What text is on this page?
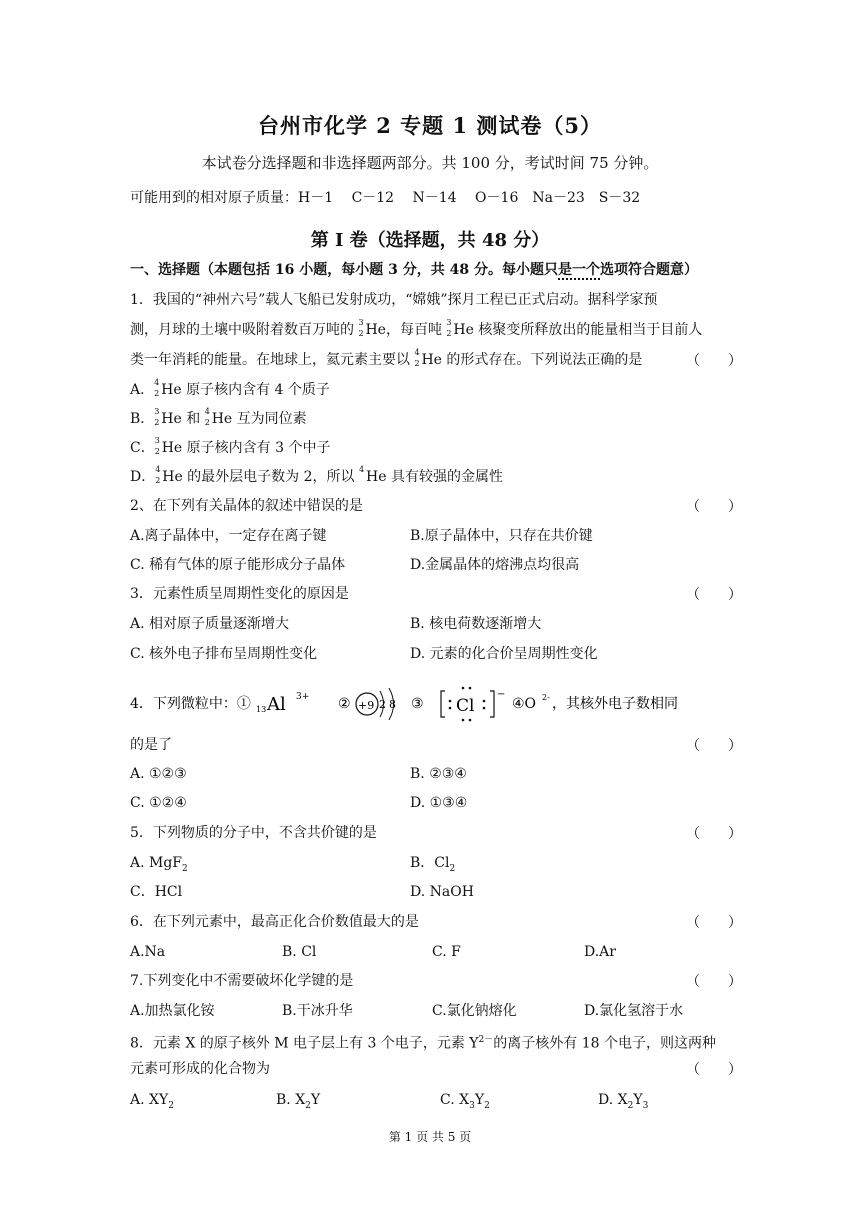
台州市化学 2 专题 1 测试卷（5）
本试卷分选择题和非选择题两部分。共 100 分，考试时间 75 分钟。
可能用到的相对原子质量：H－1　 C－12　 N－14　 O－16　Na－23　S－32
第 I 卷（选择题，共 48 分）
一、选择题（本题包括 16 小题，每小题 3 分，共 48 分。每小题只是一个选项符合题意）
1．我国的“神州六号”载人飞船已发射成功，“嫦娥”探月工程已正式启动。据科学家预
测，月球的土壤中吸附着数百万吨的 3
2 He，每百吨 3
2 He 核聚变所释放出的能量相当于目前人
类一年消耗的能量。在地球上，氦元素主要以 4
2 He 的形式存在。下列说法正确的是	（　　）
A． 4
2 He 原子核内含有 4 个质子
B． 3
2 He 和 4
2 He 互为同位素
C． 3
2 He 原子核内含有 3 个中子
D． 4
2 He 的最外层电子数为 2，所以 4 He 具有较强的金属性
2、在下列有关晶体的叙述中错误的是	（　　）
A.离子晶体中，一定存在离子键	B.原子晶体中，只存在共价键
C. 稀有气体的原子能形成分子晶体	D.金属晶体的熔沸点均很高
3．元素性质呈周期性变化的原因是	（　　）
A. 相对原子质量逐渐增大	B. 核电荷数逐渐增大
C. 核外电子排布呈周期性变化	D. 元素的化合价呈周期性变化
4．下列微粒中：① 13 Al 3+ ② +9 2 8 ③ Cl
−
④O 2- ，其核外电子数相同
的是了	（　　）
A. ①②③	B. ②③④
C. ①②④	D. ①③④
5．下列物质的分子中，不含共价键的是	（　　）
A. MgF$_2$	B．$Cl_2$
C．HCl	D. NaOH
6．在下列元素中，最高正化合价数值最大的是	（　　）
A.Na	B. Cl	C. F	D.Ar
7.下列变化中不需要破坏化学键的是	（　　）
A.加热氯化铵	B.干冰升华	C.氯化钠熔化	D.氯化氢溶于水
8．元素 X 的原子核外 M 电子层上有 3 个电子，元素 $Y^{2-}$的离子核外有 18 个电子，则这两种
元素可形成的化合物为	（　　）
A. $XY_2$	B. $X_2Y$	C. $X_3Y_2$	D. $X_2Y_3$
第 1 页 共 5 页
